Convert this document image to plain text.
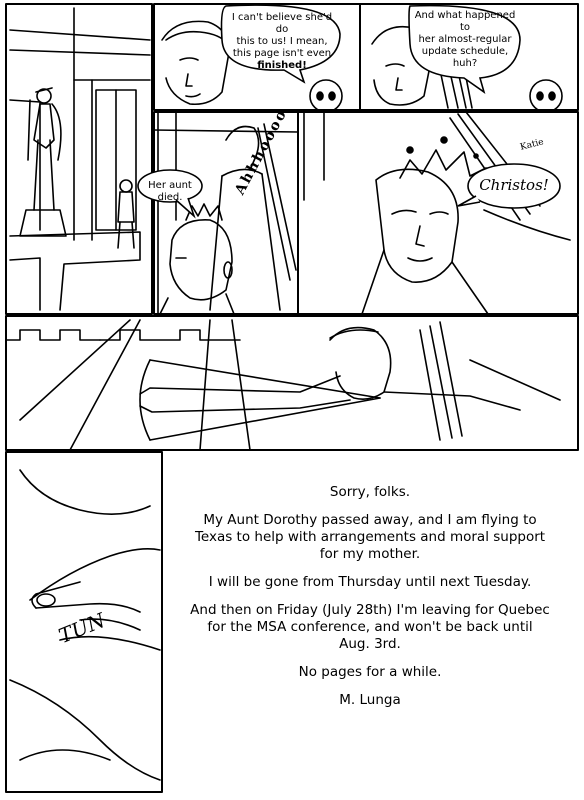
I can't believe she'd do
this to us! I mean,
this page isn't even
finished!
And what happened to
her almost-regular
update schedule,
huh?
Her aunt died.
Christos!
Katie
Ahhhoooo
TUN

Sorry, folks.

My Aunt Dorothy passed away, and I am flying to
Texas to help with arrangements and moral support
for my mother.

I will be gone from Thursday until next Tuesday.

And then on Friday (July 28th) I'm leaving for Quebec
for the MSA conference, and won't be back until
Aug. 3rd.

No pages for a while.

M. Lunga
